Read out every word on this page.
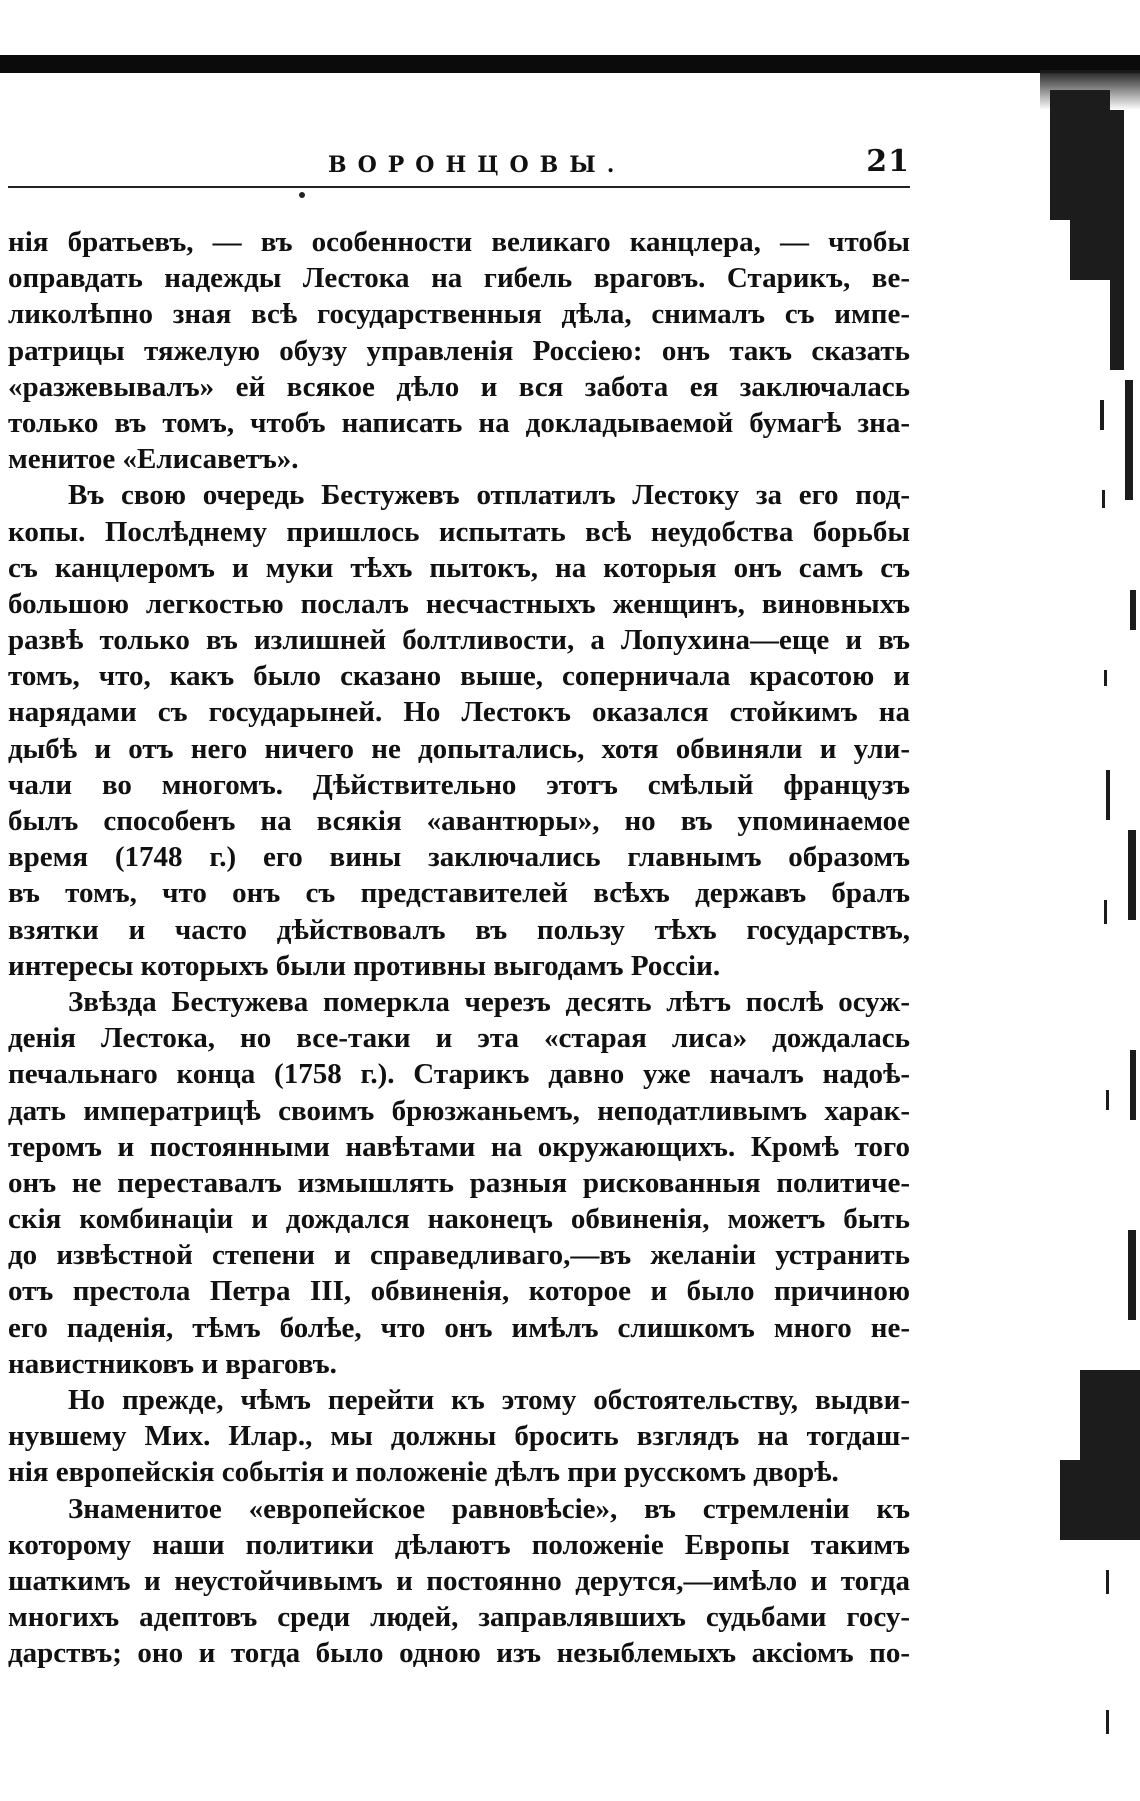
ВОРОНЦОВЫ.	21
нія братьевъ, — въ особенности великаго канцлера, — чтобы
оправдать надежды Лестока на гибель враговъ. Старикъ, ве-
ликолѣпно зная всѣ государственныя дѣла, снималъ съ импе-
ратрицы тяжелую обузу управленія Россіею: онъ такъ сказать
«разжевывалъ» ей всякое дѣло и вся забота ея заключалась
только въ томъ, чтобъ написать на докладываемой бумагѣ зна-
менитое «Елисаветъ».
Въ свою очередь Бестужевъ отплатилъ Лестоку за его под-
копы. Послѣднему пришлось испытать всѣ неудобства борьбы
съ канцлеромъ и муки тѣхъ пытокъ, на которыя онъ самъ съ
большою легкостью послалъ несчастныхъ женщинъ, виновныхъ
развѣ только въ излишней болтливости, а Лопухина—еще и въ
томъ, что, какъ было сказано выше, соперничала красотою и
нарядами съ государыней. Но Лестокъ оказался стойкимъ на
дыбѣ и отъ него ничего не допытались, хотя обвиняли и ули-
чали во многомъ. Дѣйствительно этотъ смѣлый французъ
былъ способенъ на всякія «авантюры», но въ упоминаемое
время (1748 г.) его вины заключались главнымъ образомъ
въ томъ, что онъ съ представителей всѣхъ державъ бралъ
взятки и часто дѣйствовалъ въ пользу тѣхъ государствъ,
интересы которыхъ были противны выгодамъ Россіи.
Звѣзда Бестужева померкла черезъ десять лѣтъ послѣ осуж-
денія Лестока, но все-таки и эта «старая лиса» дождалась
печальнаго конца (1758 г.). Старикъ давно уже началъ надоѣ-
дать императрицѣ своимъ брюзжаньемъ, неподатливымъ харак-
теромъ и постоянными навѣтами на окружающихъ. Кромѣ того
онъ не переставалъ измышлять разныя рискованныя политиче-
скія комбинаціи и дождался наконецъ обвиненія, можетъ быть
до извѣстной степени и справедливаго,—въ желаніи устранить
отъ престола Петра III, обвиненія, которое и было причиною
его паденія, тѣмъ болѣе, что онъ имѣлъ слишкомъ много не-
навистниковъ и враговъ.
Но прежде, чѣмъ перейти къ этому обстоятельству, выдви-
нувшему Мих. Илар., мы должны бросить взглядъ на тогдаш-
нія европейскія событія и положеніе дѣлъ при русскомъ дворѣ.
Знаменитое «европейское равновѣсіе», въ стремленіи къ
которому наши политики дѣлаютъ положеніе Европы такимъ
шаткимъ и неустойчивымъ и постоянно дерутся,—имѣло и тогда
многихъ адептовъ среди людей, заправлявшихъ судьбами госу-
дарствъ; оно и тогда было одною изъ незыблемыхъ аксіомъ по-
